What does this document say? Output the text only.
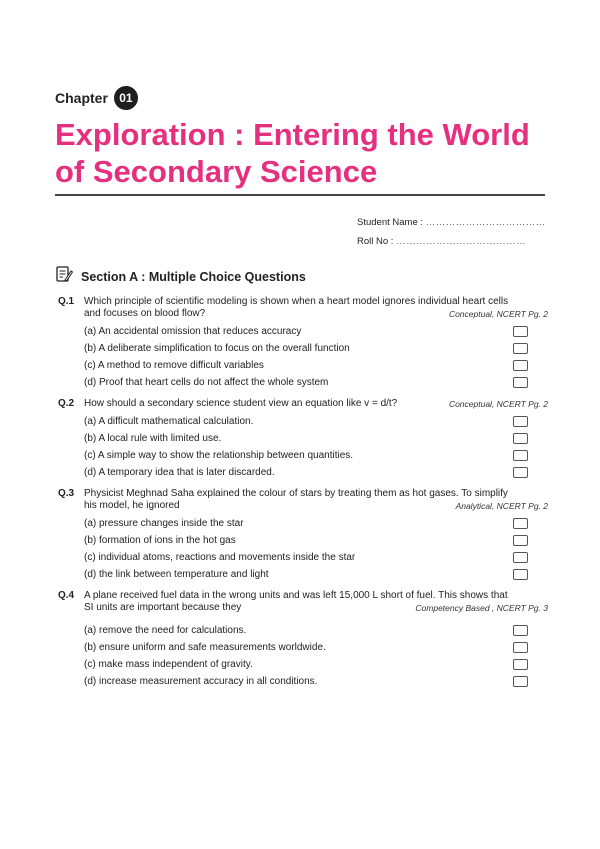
Chapter 01
Exploration : Entering the World of Secondary Science
Student Name :
………………………………
Roll No :
…………………………………
Section A : Multiple Choice Questions
Q.1 Which principle of scientific modeling is shown when a heart model ignores individual heart cells
and focuses on blood flow?	Conceptual, NCERT Pg. 2
(a) An accidental omission that reduces accuracy
(b) A deliberate simplification to focus on the overall function
(c) A method to remove difficult variables
(d) Proof that heart cells do not affect the whole system
Q.2 How should a secondary science student view an equation like v = d/t?	Conceptual, NCERT Pg. 2
(a) A difficult mathematical calculation.
(b) A local rule with limited use.
(c) A simple way to show the relationship between quantities.
(d) A temporary idea that is later discarded.
Q.3 Physicist Meghnad Saha explained the colour of stars by treating them as hot gases. To simplify
his model, he ignored	Analytical, NCERT Pg. 2
(a) pressure changes inside the star
(b) formation of ions in the hot gas
(c) individual atoms, reactions and movements inside the star
(d) the link between temperature and light
Q.4 A plane received fuel data in the wrong units and was left 15,000 L short of fuel. This shows that
SI units are important because they	Competency Based , NCERT Pg. 3
(a) remove the need for calculations.
(b) ensure uniform and safe measurements worldwide.
(c) make mass independent of gravity.
(d) increase measurement accuracy in all conditions.
